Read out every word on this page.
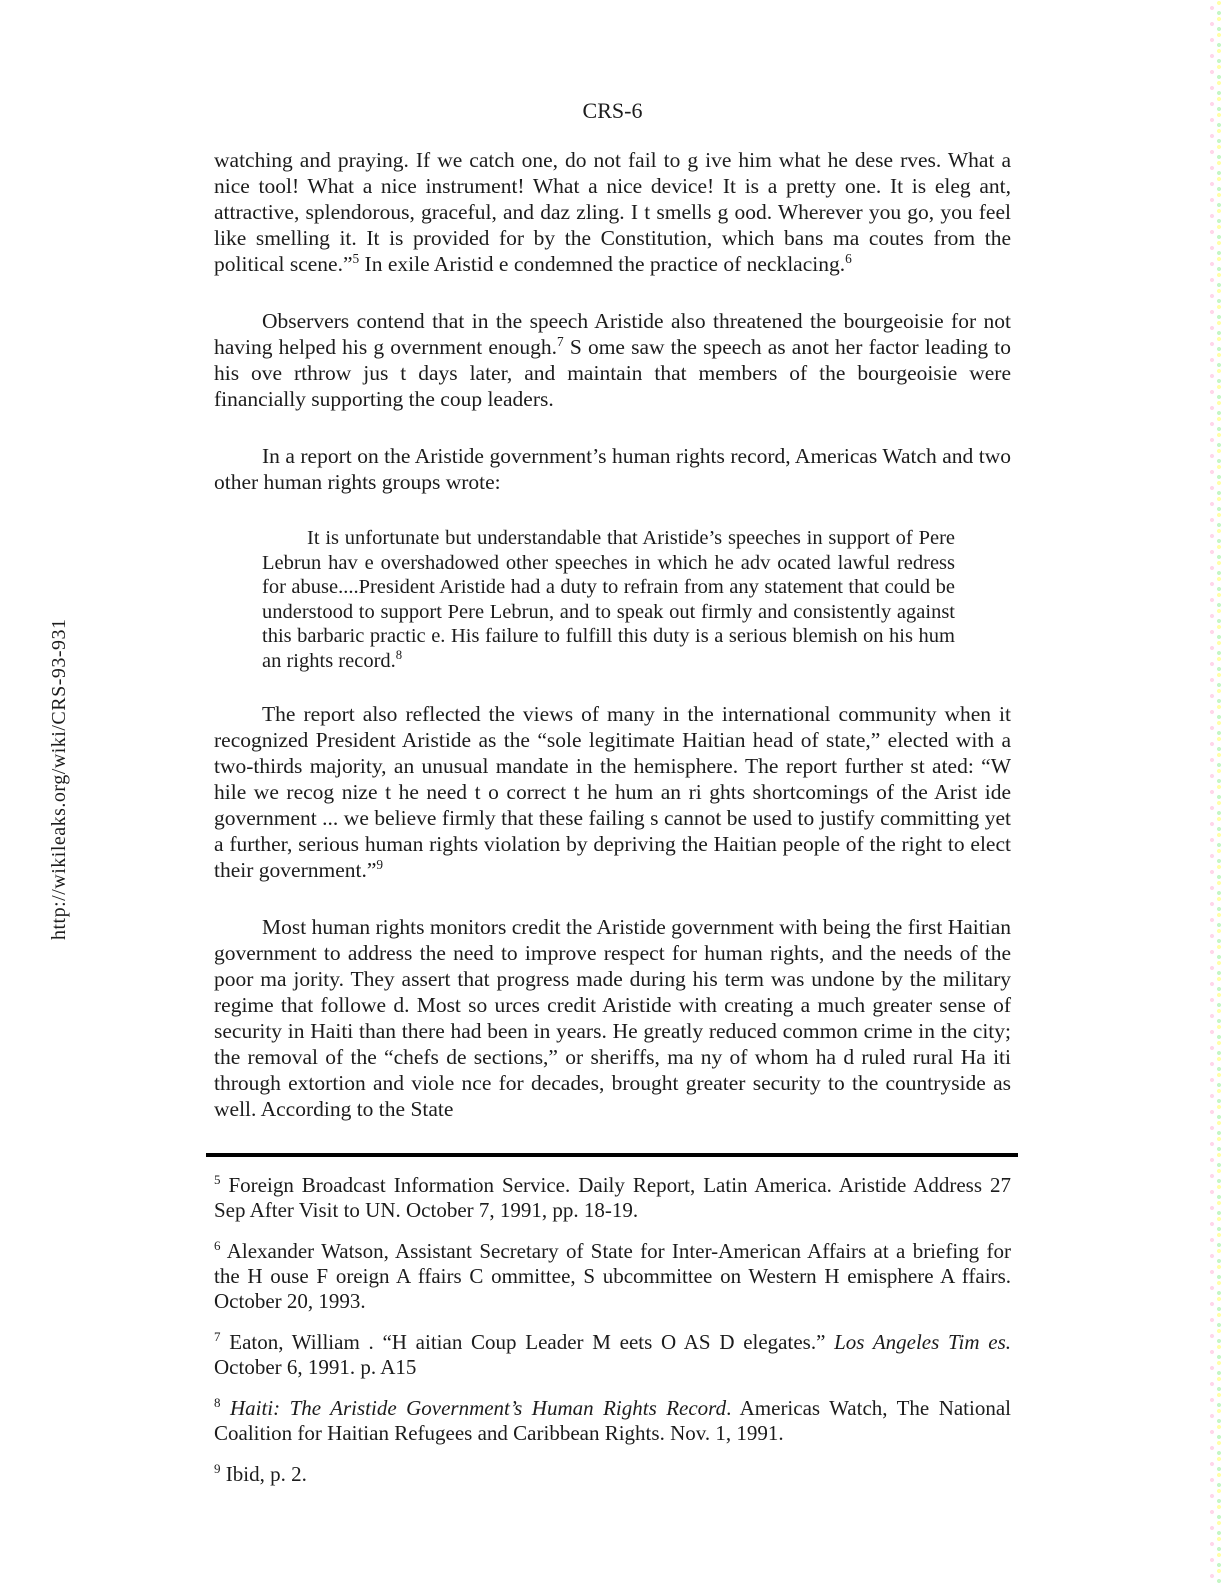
http://wikileaks.org/wiki/CRS-93-931
CRS-6

watching and praying. If we catch one, do not fail to g ive him what he dese rves. What a nice tool! What a nice instrument! What a nice device! It is a pretty one. It is eleg ant, attractive, splendorous, graceful, and daz zling. I t smells g ood. Wherever you go, you feel like smelling it. It is provided for by the Constitution, which bans ma coutes from the political scene.”$^5$ In exile Aristid e condemned the practice of necklacing.$^6$

Observers contend that in the speech Aristide also threatened the bourgeoisie for not having helped his g overnment enough.$^7$ S ome saw the speech as anot her factor leading to his ove rthrow jus t days later, and maintain that members of the bourgeoisie were financially supporting the coup leaders.

In a report on the Aristide government’s human rights record, Americas Watch and two other human rights groups wrote:

It is unfortunate but understandable that Aristide’s speeches in support of Pere Lebrun hav e overshadowed other speeches in which he adv ocated lawful redress for abuse....President Aristide had a duty to refrain from any statement that could be understood to support Pere Lebrun, and to speak out firmly and consistently against this barbaric practic e. His failure to fulfill this duty is a serious blemish on his hum an rights record.$^8$

The report also reflected the views of many in the international community when it recognized President Aristide as the “sole legitimate Haitian head of state,” elected with a two-thirds majority, an unusual mandate in the hemisphere. The report further st ated: “W hile we recog nize t he need t o correct t he hum an ri ghts shortcomings of the Arist ide government ... we believe firmly that these failing s cannot be used to justify committing yet a further, serious human rights violation by depriving the Haitian people of the right to elect their government.”$^9$

Most human rights monitors credit the Aristide government with being the first Haitian government to address the need to improve respect for human rights, and the needs of the poor ma jority. They assert that progress made during his term was undone by the military regime that followe d. Most so urces credit Aristide with creating a much greater sense of security in Haiti than there had been in years. He greatly reduced common crime in the city; the removal of the “chefs de sections,” or sheriffs, ma ny of whom ha d ruled rural Ha iti through extortion and viole nce for decades, brought greater security to the countryside as well. According to the State

$^5$ Foreign Broadcast Information Service. Daily Report, Latin America. Aristide Address 27 Sep After Visit to UN. October 7, 1991, pp. 18-19.

$^6$ Alexander Watson, Assistant Secretary of State for Inter-American Affairs at a briefing for the H ouse F oreign A ffairs C ommittee, S ubcommittee on Western H emisphere A ffairs. October 20, 1993.

$^7$ Eaton, William . “H aitian Coup Leader M eets O AS D elegates.” Los Angeles Tim es. October 6, 1991. p. A15

$^8$ Haiti: The Aristide Government’s Human Rights Record. Americas Watch, The National Coalition for Haitian Refugees and Caribbean Rights. Nov. 1, 1991.

$^9$ Ibid, p. 2.
